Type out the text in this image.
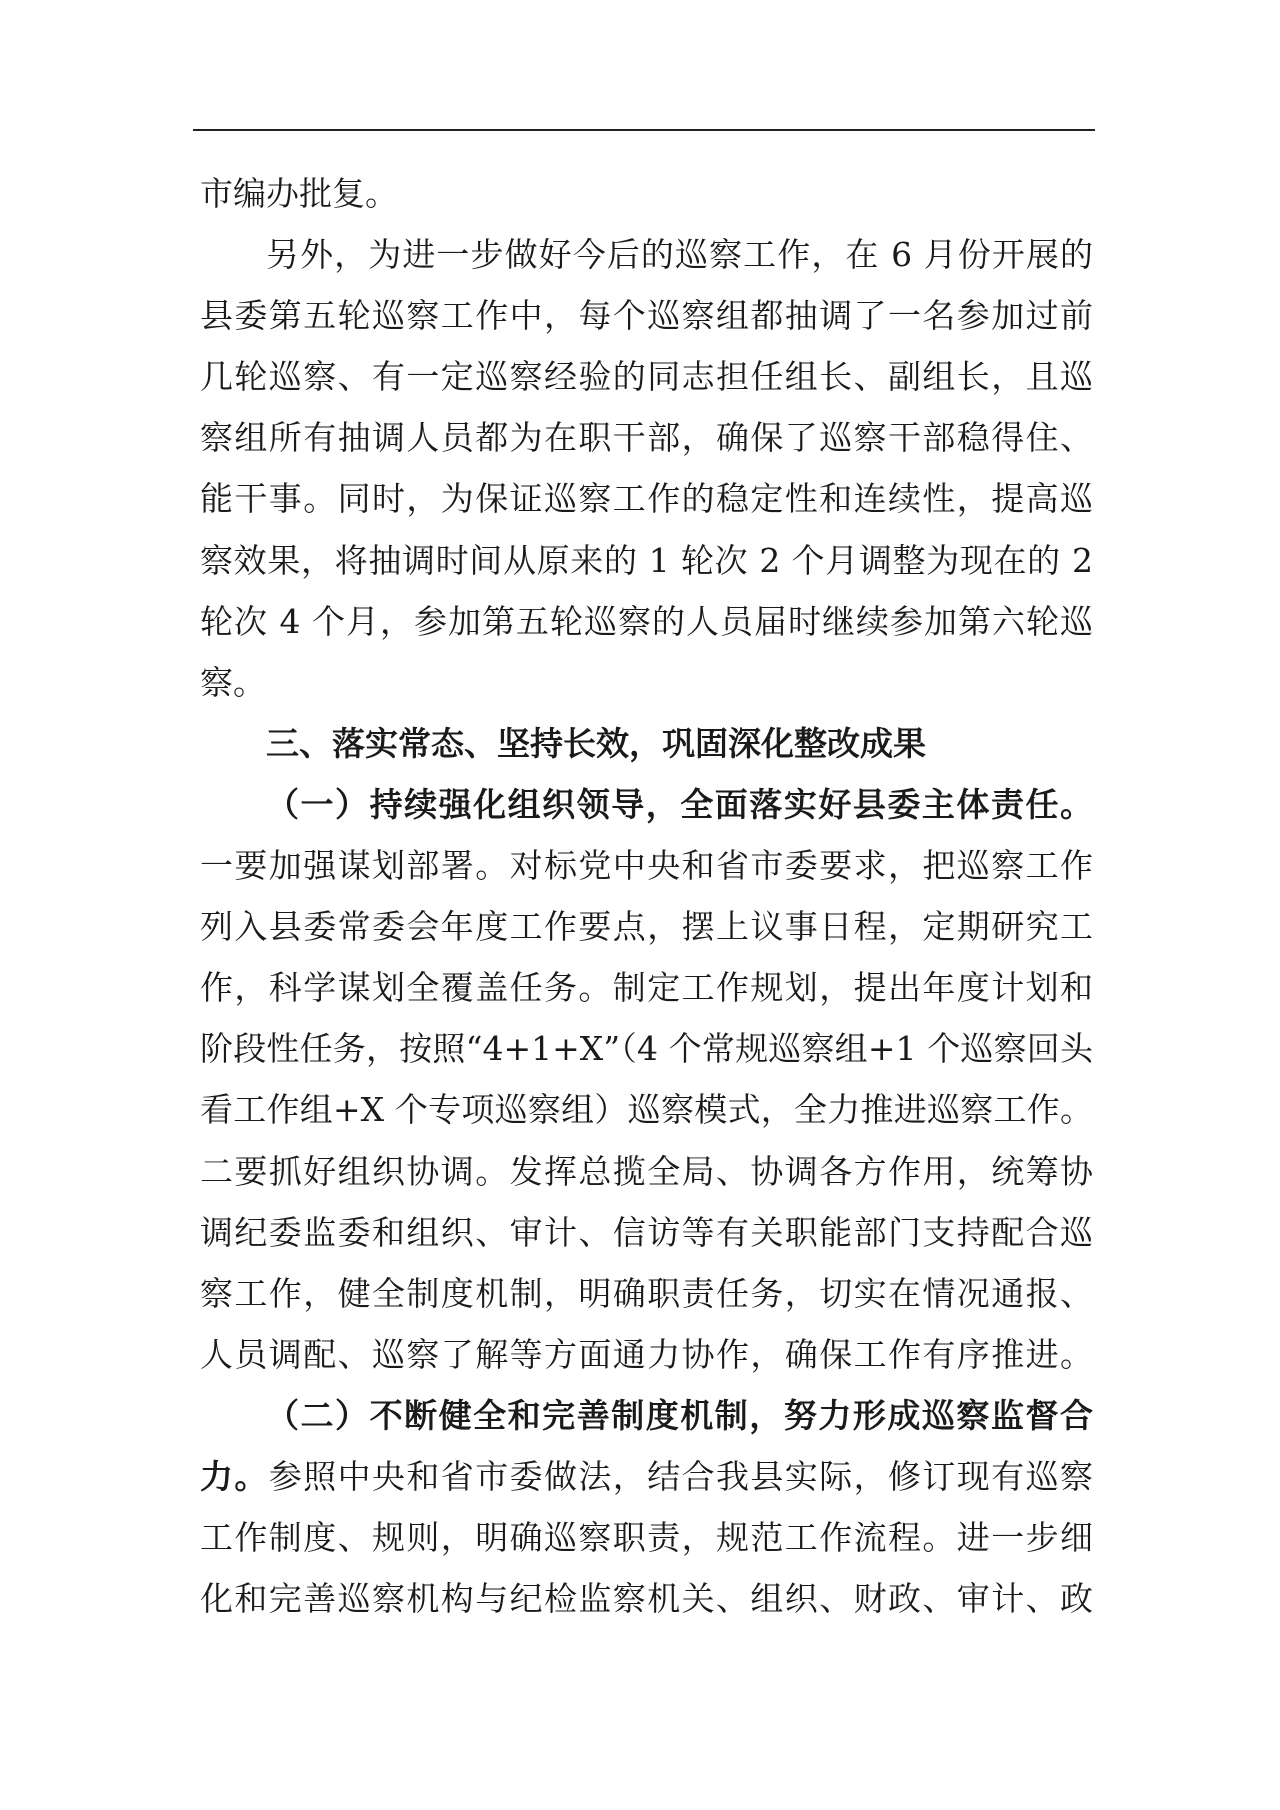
市编办批复。
另外，为进一步做好今后的巡察工作，在 6 月份开展的
县委第五轮巡察工作中，每个巡察组都抽调了一名参加过前
几轮巡察、有一定巡察经验的同志担任组长、副组长，且巡
察组所有抽调人员都为在职干部，确保了巡察干部稳得住、
能干事。同时，为保证巡察工作的稳定性和连续性，提高巡
察效果，将抽调时间从原来的 1 轮次 2 个月调整为现在的 2
轮次 4 个月，参加第五轮巡察的人员届时继续参加第六轮巡
察。
三、落实常态、坚持长效，巩固深化整改成果
（一）持续强化组织领导，全面落实好县委主体责任。
一要加强谋划部署。对标党中央和省市委要求，把巡察工作
列入县委常委会年度工作要点，摆上议事日程，定期研究工
作，科学谋划全覆盖任务。制定工作规划，提出年度计划和
阶段性任务，按照“4+1+X”（4 个常规巡察组+1 个巡察回头
看工作组+X 个专项巡察组）巡察模式，全力推进巡察工作。
二要抓好组织协调。发挥总揽全局、协调各方作用，统筹协
调纪委监委和组织、审计、信访等有关职能部门支持配合巡
察工作，健全制度机制，明确职责任务，切实在情况通报、
人员调配、巡察了解等方面通力协作，确保工作有序推进。
（二）不断健全和完善制度机制，努力形成巡察监督合
力。参照中央和省市委做法，结合我县实际，修订现有巡察
工作制度、规则，明确巡察职责，规范工作流程。进一步细
化和完善巡察机构与纪检监察机关、组织、财政、审计、政
